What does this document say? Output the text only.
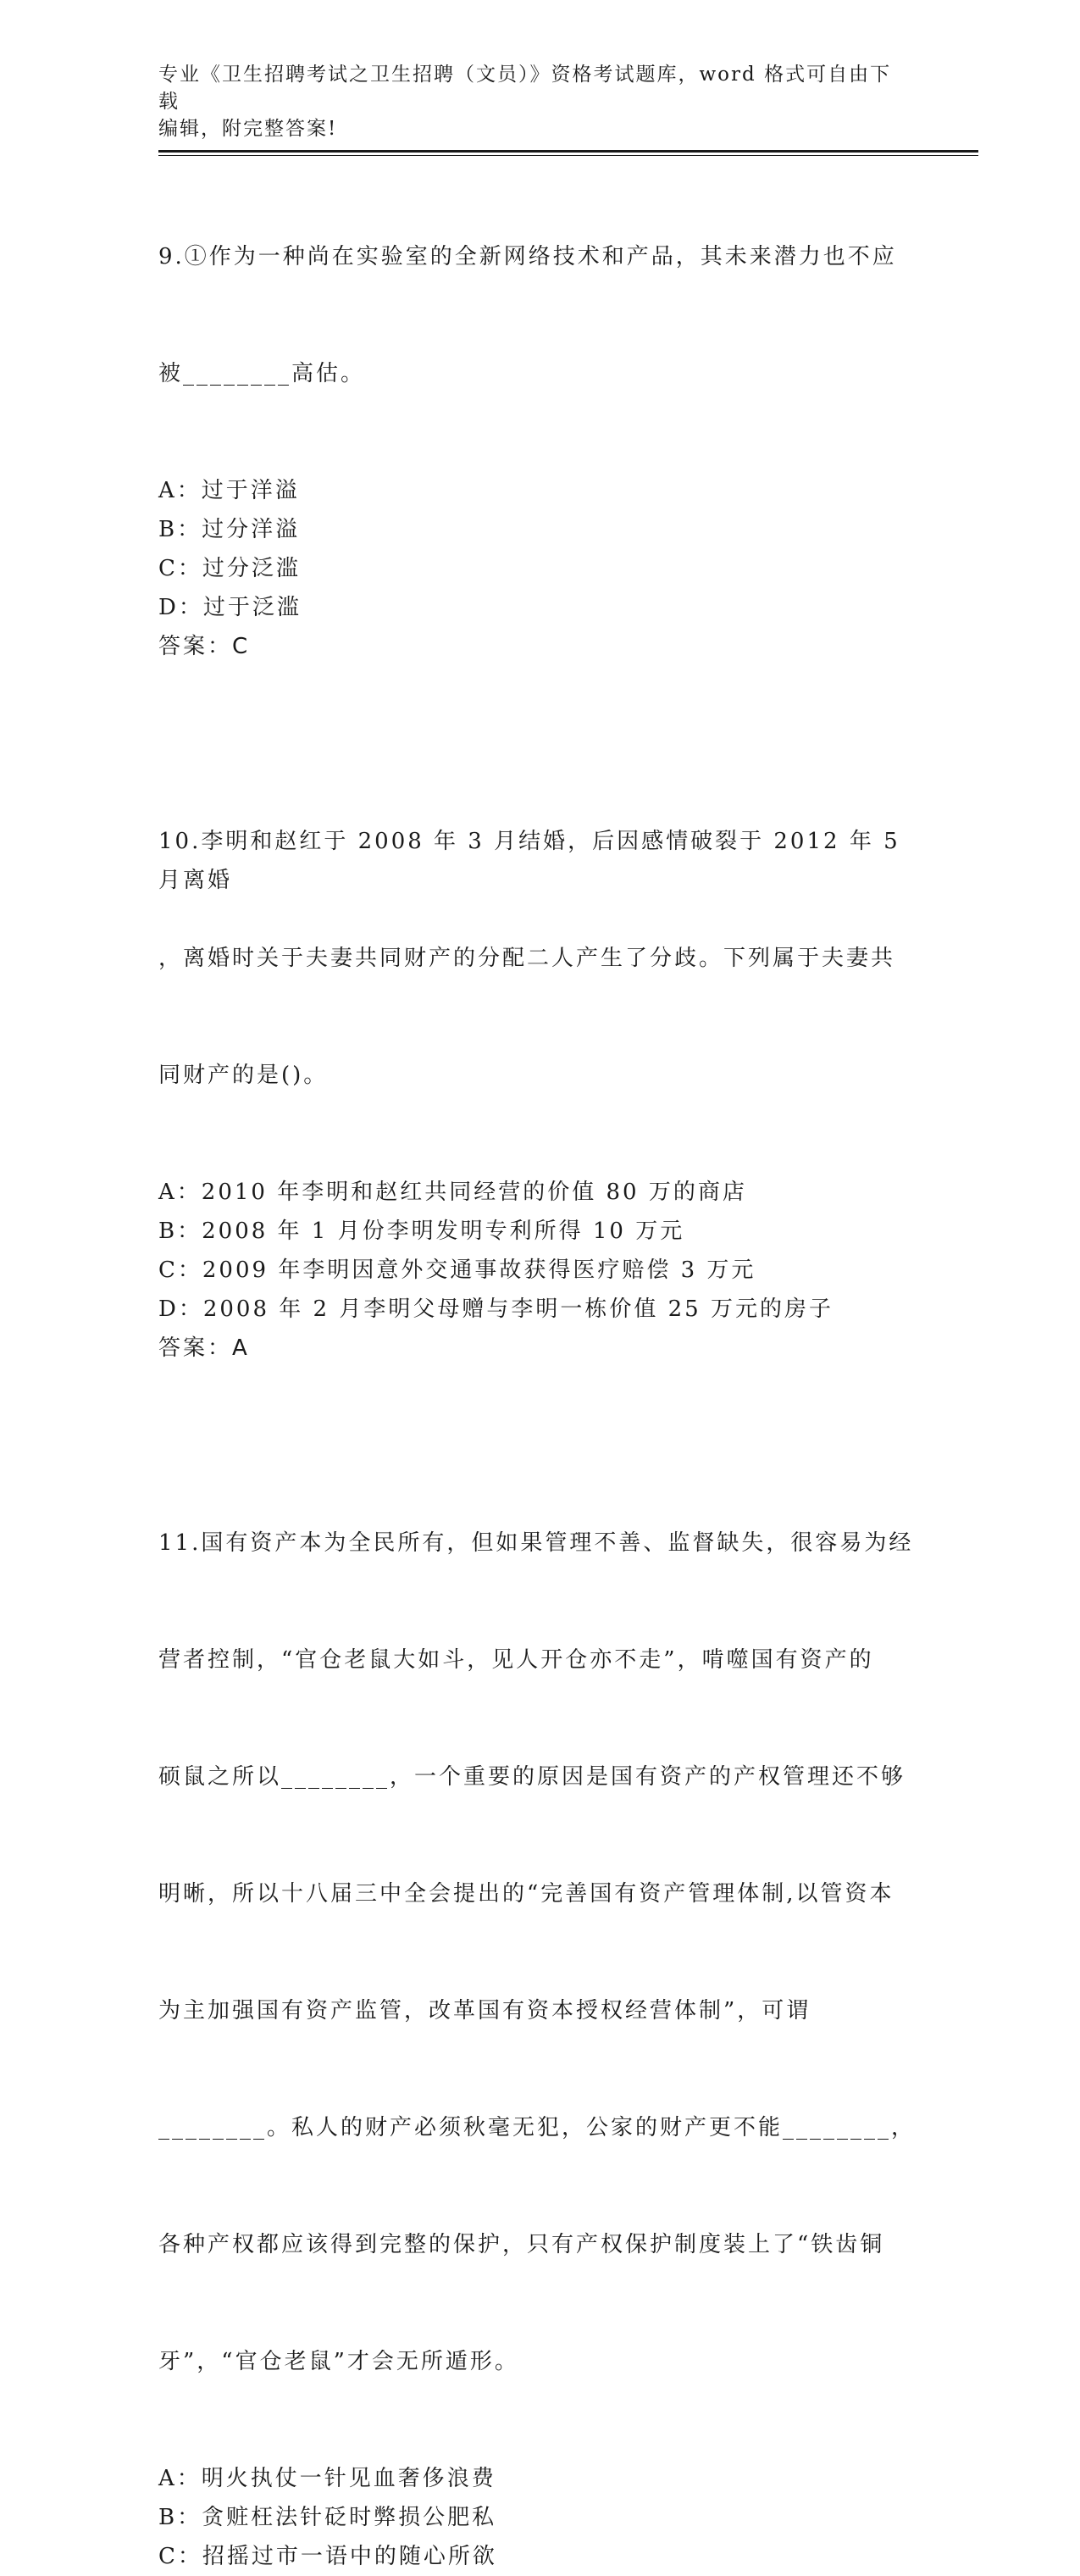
专业《卫生招聘考试之卫生招聘（文员）》资格考试题库，word 格式可自由下载
编辑，附完整答案!

9.①作为一种尚在实验室的全新网络技术和产品，其未来潜力也不应

被________高估。

A：过于洋溢
B：过分洋溢
C：过分泛滥
D：过于泛滥
答案：C

10.李明和赵红于 2008 年 3 月结婚，后因感情破裂于 2012 年 5 月离婚

，离婚时关于夫妻共同财产的分配二人产生了分歧。下列属于夫妻共

同财产的是()。

A：2010 年李明和赵红共同经营的价值 80 万的商店
B：2008 年 1 月份李明发明专利所得 10 万元
C：2009 年李明因意外交通事故获得医疗赔偿 3 万元
D：2008 年 2 月李明父母赠与李明一栋价值 25 万元的房子
答案：A

11.国有资产本为全民所有，但如果管理不善、监督缺失，很容易为经

营者控制，“官仓老鼠大如斗，见人开仓亦不走”，啃噬国有资产的

硕鼠之所以________，一个重要的原因是国有资产的产权管理还不够

明晰，所以十八届三中全会提出的“完善国有资产管理体制,以管资本

为主加强国有资产监管，改革国有资本授权经营体制”，可谓

________。私人的财产必须秋毫无犯，公家的财产更不能________，

各种产权都应该得到完整的保护，只有产权保护制度装上了“铁齿铜

牙”，“官仓老鼠”才会无所遁形。

A：明火执仗一针见血奢侈浪费
B：贪赃枉法针砭时弊损公肥私
C：招摇过市一语中的随心所欲
